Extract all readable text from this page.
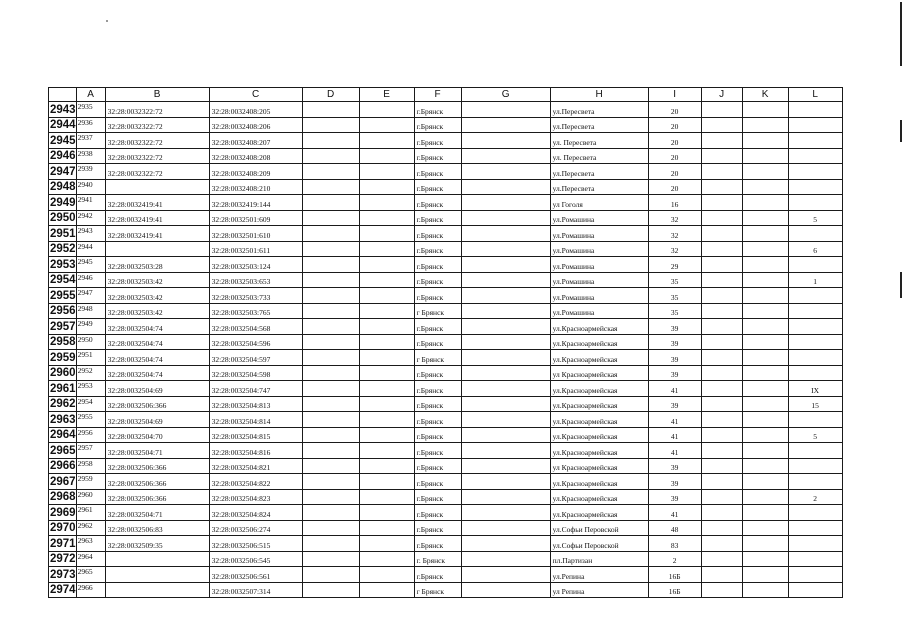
	A	B	C	D	E	F	G	H	I	J	K	L
2943	2935	32:28:0032322:72	32:28:0032408:205			г.Брянск		ул.Пересвета	20			
2944	2936	32:28:0032322:72	32:28:0032408:206			г.Брянск		ул.Пересвета	20			
2945	2937	32:28:0032322:72	32:28:0032408:207			г.Брянск		ул. Пересвета	20			
2946	2938	32:28:0032322:72	32:28:0032408:208			г.Брянск		ул. Пересвета	20			
2947	2939	32:28:0032322:72	32:28:0032408:209			г.Брянск		ул.Пересвета	20			
2948	2940		32:28:0032408:210			г.Брянск		ул.Пересвета	20			
2949	2941	32:28:0032419:41	32:28:0032419:144			г.Брянск		ул Гоголя	16			
2950	2942	32:28:0032419:41	32:28:0032501:609			г.Брянск		ул.Ромашина	32			5
2951	2943	32:28:0032419:41	32:28:0032501:610			г.Брянск		ул.Ромашина	32			
2952	2944		32:28:0032501:611			г.Брянск		ул.Ромашина	32			6
2953	2945	32:28:0032503:28	32:28:0032503:124			г.Брянск		ул.Ромашина	29			
2954	2946	32:28:0032503:42	32:28:0032503:653			г.Брянск		ул.Ромашина	35			1
2955	2947	32:28:0032503:42	32:28:0032503:733			г.Брянск		ул.Ромашина	35			
2956	2948	32:28:0032503:42	32:28:0032503:765			г Брянск		ул.Ромашина	35			
2957	2949	32:28:0032504:74	32:28:0032504:568			г.Брянск		ул.Красноармейская	39			
2958	2950	32:28:0032504:74	32:28:0032504:596			г.Брянск		ул.Красноармейская	39			
2959	2951	32:28:0032504:74	32:28:0032504:597			г Брянск		ул.Красноармейская	39			
2960	2952	32:28:0032504:74	32:28:0032504:598			г.Брянск		ул Красноармейская	39			
2961	2953	32:28:0032504:69	32:28:0032504:747			г.Брянск		ул.Красноармейская	41			IX
2962	2954	32:28:0032506:366	32:28:0032504:813			г.Брянск		ул.Красноармейская	39			15
2963	2955	32:28:0032504:69	32:28:0032504:814			г.Брянск		ул.Красноармейская	41			
2964	2956	32:28:0032504:70	32:28:0032504:815			г.Брянск		ул.Красноармейская	41			5
2965	2957	32:28:0032504:71	32:28:0032504:816			г.Брянск		ул.Красноармейская	41			
2966	2958	32:28:0032506:366	32:28:0032504:821			г.Брянск		ул Красноармейская	39			
2967	2959	32:28:0032506:366	32:28:0032504:822			г.Брянск		ул.Красноармейская	39			
2968	2960	32:28:0032506:366	32:28:0032504:823			г.Брянск		ул.Красноармейская	39			2
2969	2961	32:28:0032504:71	32:28:0032504:824			г.Брянск		ул.Красноармейская	41			
2970	2962	32:28:0032506:83	32:28:0032506:274			г.Брянск		ул.Софьи Перовской	48			
2971	2963	32:28:0032509:35	32:28:0032506:515			г.Брянск		ул.Софьи Перовской	83			
2972	2964		32:28:0032506:545			г. Брянск		пл.Партизан	2			
2973	2965		32:28:0032506:561			г.Брянск		ул.Репина	16Б			
2974	2966		32:28:0032507:314			г Брянск		ул Репина	16Б			
